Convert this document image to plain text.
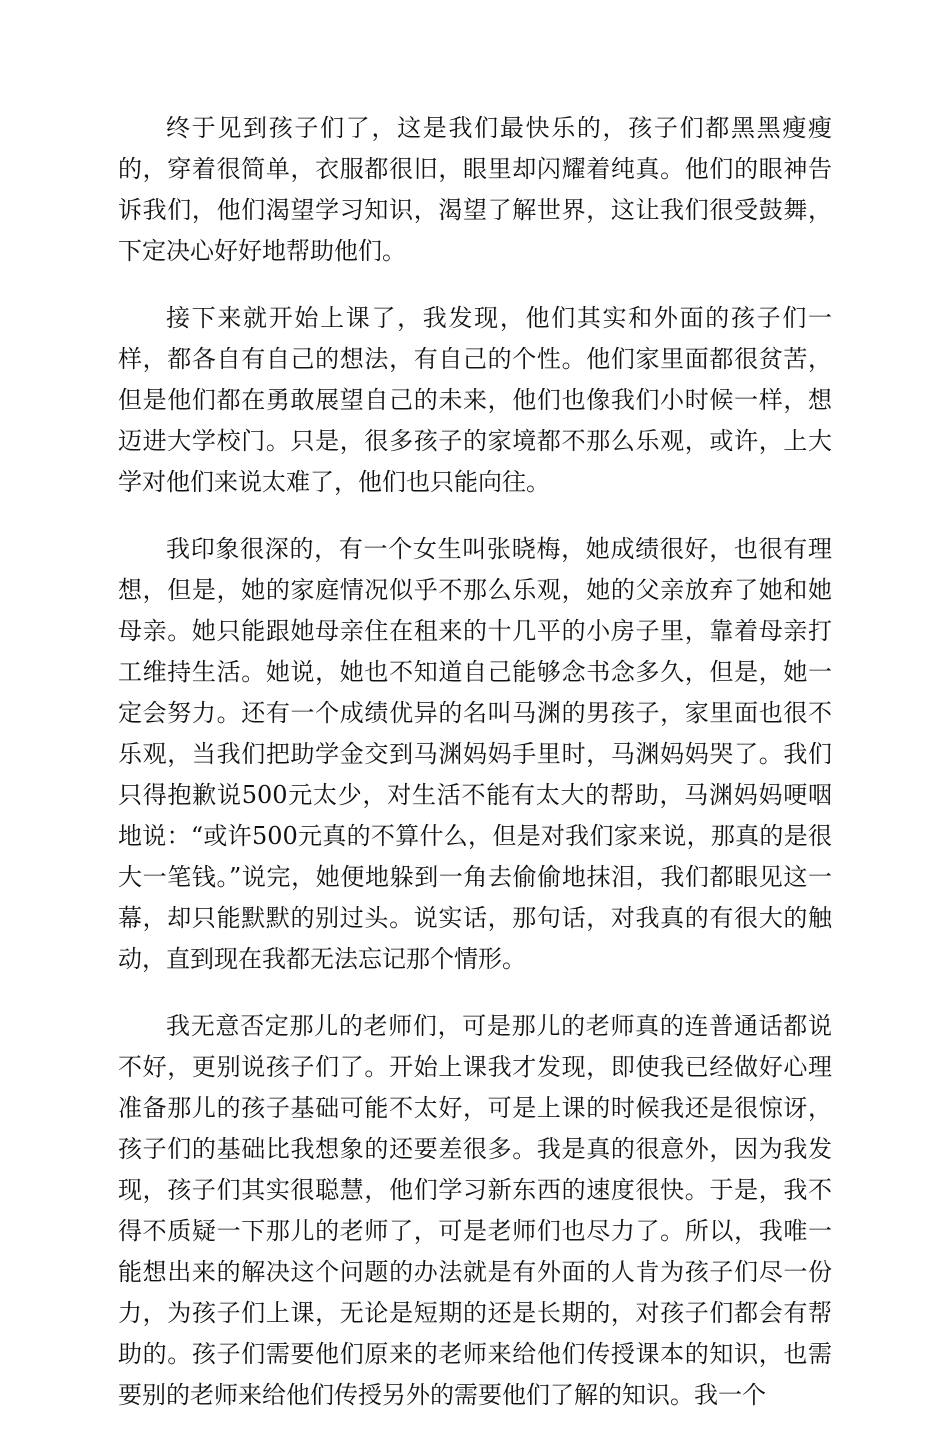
终于见到孩子们了，这是我们最快乐的，孩子们都黑黑瘦瘦的，穿着很简单，衣服都很旧，眼里却闪耀着纯真。他们的眼神告诉我们，他们渴望学习知识，渴望了解世界，这让我们很受鼓舞，下定决心好好地帮助他们。

接下来就开始上课了，我发现，他们其实和外面的孩子们一样，都各自有自己的想法，有自己的个性。他们家里面都很贫苦，但是他们都在勇敢展望自己的未来，他们也像我们小时候一样，想迈进大学校门。只是，很多孩子的家境都不那么乐观，或许，上大学对他们来说太难了，他们也只能向往。

我印象很深的，有一个女生叫张晓梅，她成绩很好，也很有理想，但是，她的家庭情况似乎不那么乐观，她的父亲放弃了她和她母亲。她只能跟她母亲住在租来的十几平的小房子里，靠着母亲打工维持生活。她说，她也不知道自己能够念书念多久，但是，她一定会努力。还有一个成绩优异的名叫马渊的男孩子，家里面也很不乐观，当我们把助学金交到马渊妈妈手里时，马渊妈妈哭了。我们只得抱歉说500元太少，对生活不能有太大的帮助，马渊妈妈哽咽地说：“或许500元真的不算什么，但是对我们家来说，那真的是很大一笔钱。”说完，她便地躲到一角去偷偷地抹泪，我们都眼见这一幕，却只能默默的别过头。说实话，那句话，对我真的有很大的触动，直到现在我都无法忘记那个情形。

我无意否定那儿的老师们，可是那儿的老师真的连普通话都说不好，更别说孩子们了。开始上课我才发现，即使我已经做好心理准备那儿的孩子基础可能不太好，可是上课的时候我还是很惊讶，孩子们的基础比我想象的还要差很多。我是真的很意外，因为我发现，孩子们其实很聪慧，他们学习新东西的速度很快。于是，我不得不质疑一下那儿的老师了，可是老师们也尽力了。所以，我唯一能想出来的解决这个问题的办法就是有外面的人肯为孩子们尽一份力，为孩子们上课，无论是短期的还是长期的，对孩子们都会有帮助的。孩子们需要他们原来的老师来给他们传授课本的知识，也需要别的老师来给他们传授另外的需要他们了解的知识。我一个
